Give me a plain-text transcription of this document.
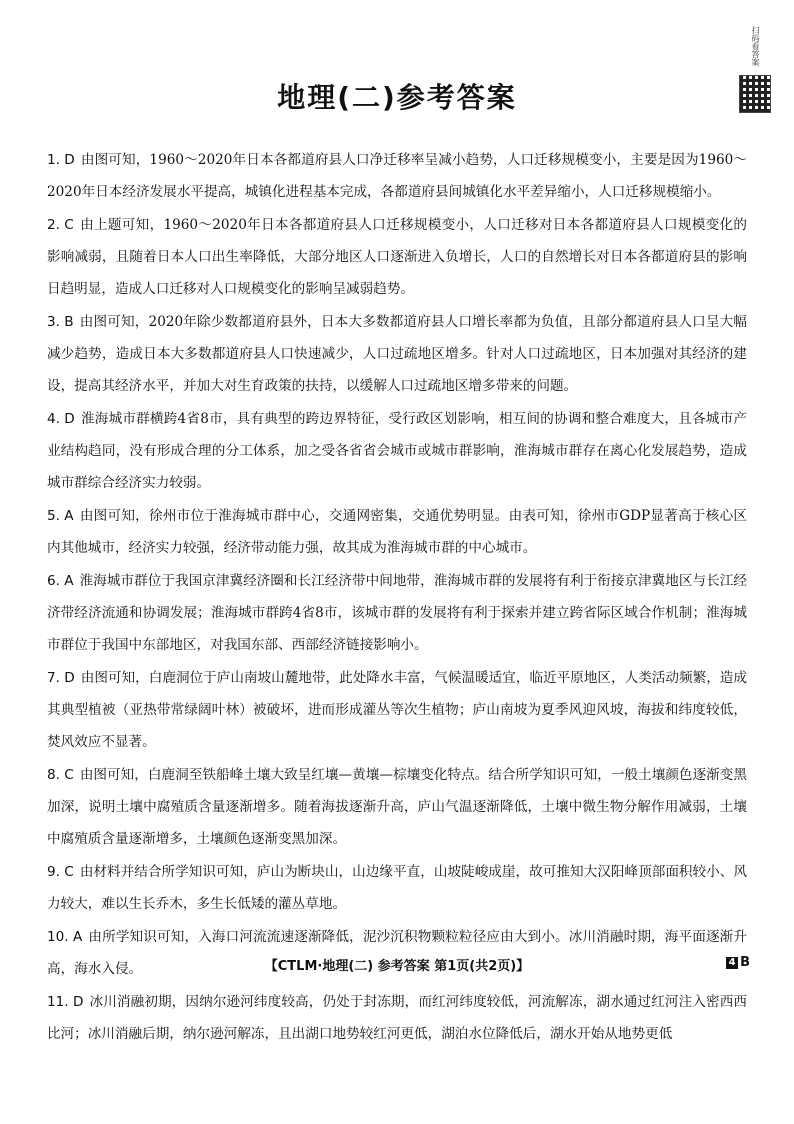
扫码看答案
地理(二)参考答案

1. D 由图可知，1960～2020年日本各都道府县人口净迁移率呈减小趋势，人口迁移规模变小，主要是因为1960～2020年日本经济发展水平提高，城镇化进程基本完成，各都道府县间城镇化水平差异缩小，人口迁移规模缩小。

2. C 由上题可知，1960～2020年日本各都道府县人口迁移规模变小，人口迁移对日本各都道府县人口规模变化的影响减弱，且随着日本人口出生率降低，大部分地区人口逐渐进入负增长，人口的自然增长对日本各都道府县的影响日趋明显，造成人口迁移对人口规模变化的影响呈减弱趋势。

3. B 由图可知，2020年除少数都道府县外，日本大多数都道府县人口增长率都为负值，且部分都道府县人口呈大幅减少趋势，造成日本大多数都道府县人口快速减少，人口过疏地区增多。针对人口过疏地区，日本加强对其经济的建设，提高其经济水平，并加大对生育政策的扶持，以缓解人口过疏地区增多带来的问题。

4. D 淮海城市群横跨4省8市，具有典型的跨边界特征，受行政区划影响，相互间的协调和整合难度大，且各城市产业结构趋同，没有形成合理的分工体系，加之受各省省会城市或城市群影响，淮海城市群存在离心化发展趋势，造成城市群综合经济实力较弱。

5. A 由图可知，徐州市位于淮海城市群中心，交通网密集，交通优势明显。由表可知，徐州市GDP显著高于核心区内其他城市，经济实力较强，经济带动能力强，故其成为淮海城市群的中心城市。

6. A 淮海城市群位于我国京津冀经济圈和长江经济带中间地带，淮海城市群的发展将有利于衔接京津冀地区与长江经济带经济流通和协调发展；淮海城市群跨4省8市，该城市群的发展将有利于探索并建立跨省际区域合作机制；淮海城市群位于我国中东部地区，对我国东部、西部经济链接影响小。

7. D 由图可知，白鹿洞位于庐山南坡山麓地带，此处降水丰富，气候温暖适宜，临近平原地区，人类活动频繁，造成其典型植被（亚热带常绿阔叶林）被破坏，进而形成灌丛等次生植物；庐山南坡为夏季风迎风坡，海拔和纬度较低，焚风效应不显著。

8. C 由图可知，白鹿洞至铁船峰土壤大致呈红壤—黄壤—棕壤变化特点。结合所学知识可知，一般土壤颜色逐渐变黑加深，说明土壤中腐殖质含量逐渐增多。随着海拔逐渐升高，庐山气温逐渐降低，土壤中微生物分解作用减弱，土壤中腐殖质含量逐渐增多，土壤颜色逐渐变黑加深。

9. C 由材料并结合所学知识可知，庐山为断块山，山边缘平直，山坡陡峻成崖，故可推知大汉阳峰顶部面积较小、风力较大，难以生长乔木，多生长低矮的灌丛草地。

10. A 由所学知识可知，入海口河流流速逐渐降低，泥沙沉积物颗粒粒径应由大到小。冰川消融时期，海平面逐渐升高，海水入侵。

11. D 冰川消融初期，因纳尔逊河纬度较高，仍处于封冻期，而红河纬度较低，河流解冻，湖水通过红河注入密西西比河；冰川消融后期，纳尔逊河解冻，且出湖口地势较红河更低，湖泊水位降低后，湖水开始从地势更低

【CTLM·地理(二) 参考答案 第1页(共2页)】	4 B
